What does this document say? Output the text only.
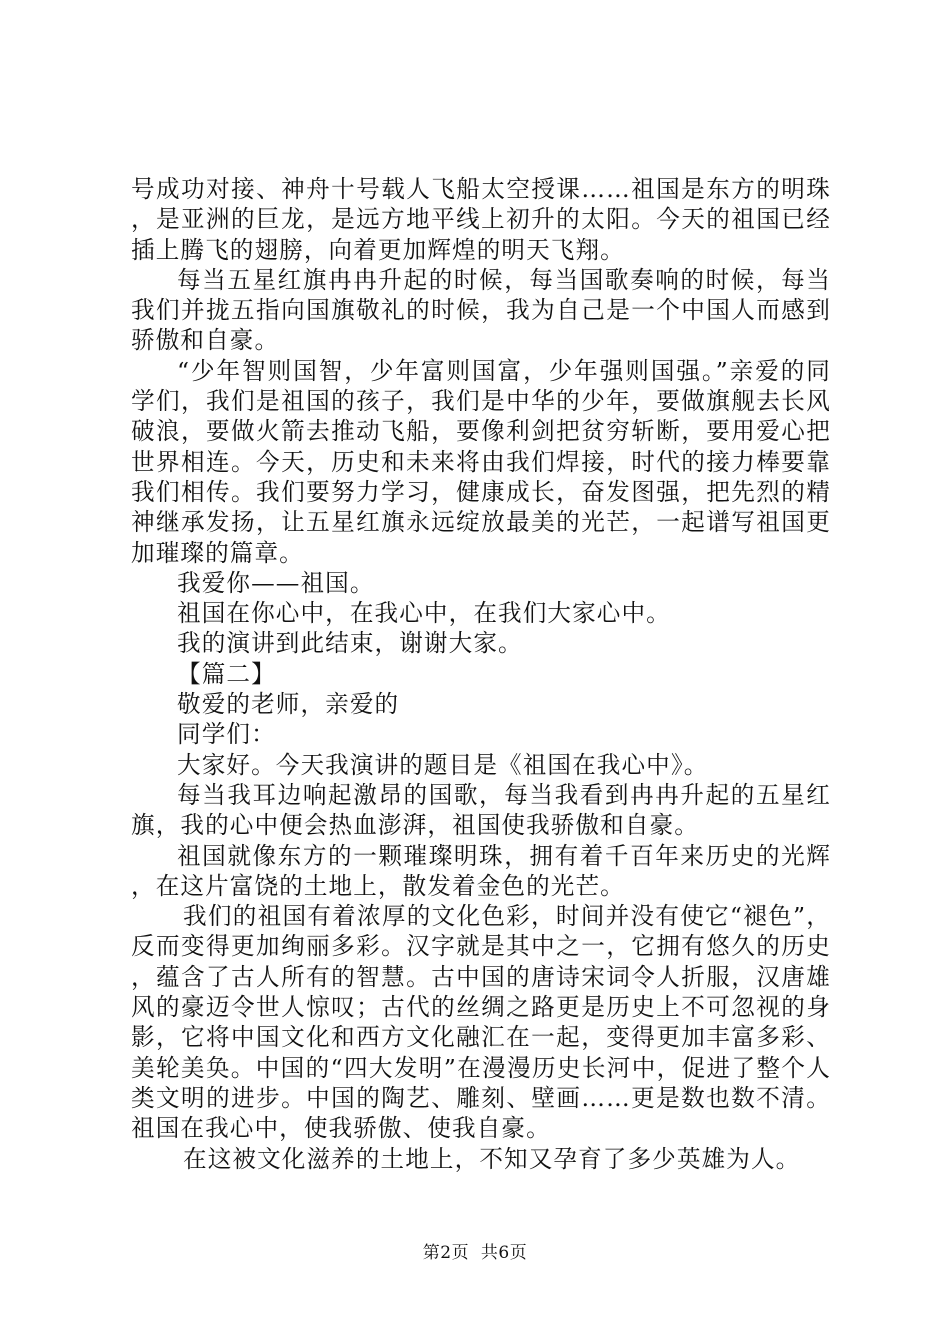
号成功对接、神舟十号载人飞船太空授课……祖国是东方的明珠，是亚洲的巨龙，是远方地平线上初升的太阳。今天的祖国已经插上腾飞的翅膀，向着更加辉煌的明天飞翔。

每当五星红旗冉冉升起的时候，每当国歌奏响的时候，每当我们并拢五指向国旗敬礼的时候，我为自己是一个中国人而感到骄傲和自豪。

“少年智则国智，少年富则国富，少年强则国强。”亲爱的同学们，我们是祖国的孩子，我们是中华的少年，要做旗舰去长风破浪，要做火箭去推动飞船，要像利剑把贫穷斩断，要用爱心把世界相连。今天，历史和未来将由我们焊接，时代的接力棒要靠我们相传。我们要努力学习，健康成长，奋发图强，把先烈的精神继承发扬，让五星红旗永远绽放最美的光芒，一起谱写祖国更加璀璨的篇章。

我爱你——祖国。

祖国在你心中，在我心中，在我们大家心中。

我的演讲到此结束，谢谢大家。

【篇二】

敬爱的老师，亲爱的

同学们：

大家好。今天我演讲的题目是《祖国在我心中》。

每当我耳边响起激昂的国歌，每当我看到冉冉升起的五星红旗，我的心中便会热血澎湃，祖国使我骄傲和自豪。

祖国就像东方的一颗璀璨明珠，拥有着千百年来历史的光辉，在这片富饶的土地上，散发着金色的光芒。

我们的祖国有着浓厚的文化色彩，时间并没有使它“褪色”，反而变得更加绚丽多彩。汉字就是其中之一，它拥有悠久的历史，蕴含了古人所有的智慧。古中国的唐诗宋词令人折服，汉唐雄风的豪迈令世人惊叹；古代的丝绸之路更是历史上不可忽视的身影，它将中国文化和西方文化融汇在一起，变得更加丰富多彩、美轮美奂。中国的“四大发明”在漫漫历史长河中，促进了整个人类文明的进步。中国的陶艺、雕刻、壁画……更是数也数不清。祖国在我心中，使我骄傲、使我自豪。

在这被文化滋养的土地上，不知又孕育了多少英雄为人。

第2页  共6页
